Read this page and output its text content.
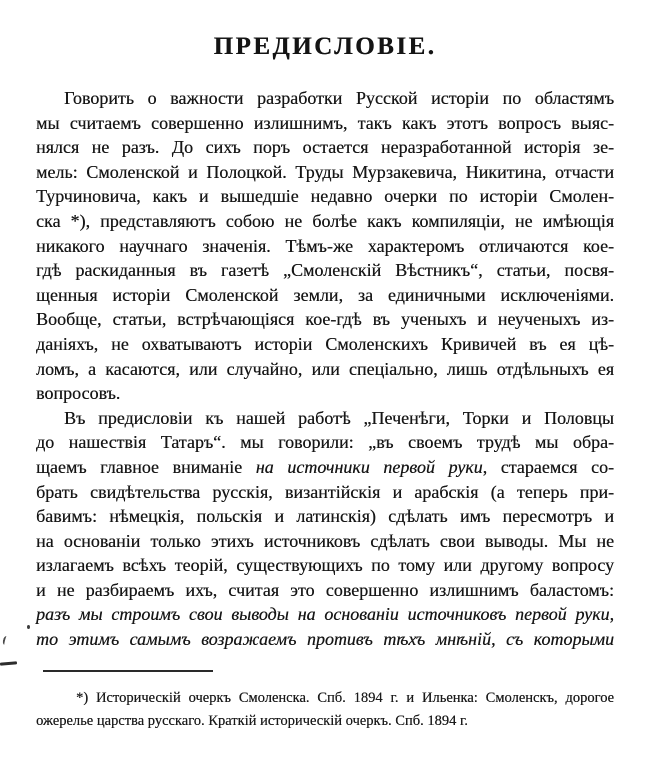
ПРЕДИСЛОВІЕ.
Говорить о важности разработки Русской исторіи по областямъ
мы считаемъ совершенно излишнимъ, такъ какъ этотъ вопросъ выяс-
нялся не разъ. До сихъ поръ остается неразработанной исторія зе-
мель: Смоленской и Полоцкой. Труды Мурзакевича, Никитина, отчасти
Турчиновича, какъ и вышедшіе недавно очерки по исторіи Смолен-
ска *), представляютъ собою не болѣе какъ компиляціи, не имѣющія
никакого научнаго значенія. Тѣмъ-же характеромъ отличаются кое-
гдѣ раскиданныя въ газетѣ „Смоленскій Вѣстникъ“, статьи, посвя-
щенныя исторіи Смоленской земли, за единичными исключеніями.
Вообще, статьи, встрѣчающіяся кое-гдѣ въ ученыхъ и неученыхъ из-
даніяхъ, не охватываютъ исторіи Смоленскихъ Кривичей въ ея цѣ-
ломъ, а касаются, или случайно, или спеціально, лишь отдѣльныхъ ея
вопросовъ.
Въ предисловіи къ нашей работѣ „Печенѣги, Торки и Половцы
до нашествія Татаръ“. мы говорили: „въ своемъ трудѣ мы обра-
щаемъ главное вниманіе на источники первой руки, стараемся со-
брать свидѣтельства русскія, византійскія и арабскія (а теперь при-
бавимъ: нѣмецкія, польскія и латинскія) сдѣлать имъ пересмотръ и
на основаніи только этихъ источниковъ сдѣлать свои выводы. Мы не
излагаемъ всѣхъ теорій, существующихъ по тому или другому вопросу
и не разбираемъ ихъ, считая это совершенно излишнимъ баластомъ:
разъ мы строимъ свои выводы на основаніи источниковъ первой руки,
то этимъ самымъ возражаемъ противъ тѣхъ мнѣній, съ которыми
*) Историческій очеркъ Смоленска. Спб. 1894 г. и Ильенка: Смоленскъ, дорогое
ожерелье царства русскаго. Краткій историческій очеркъ. Спб. 1894 г.
